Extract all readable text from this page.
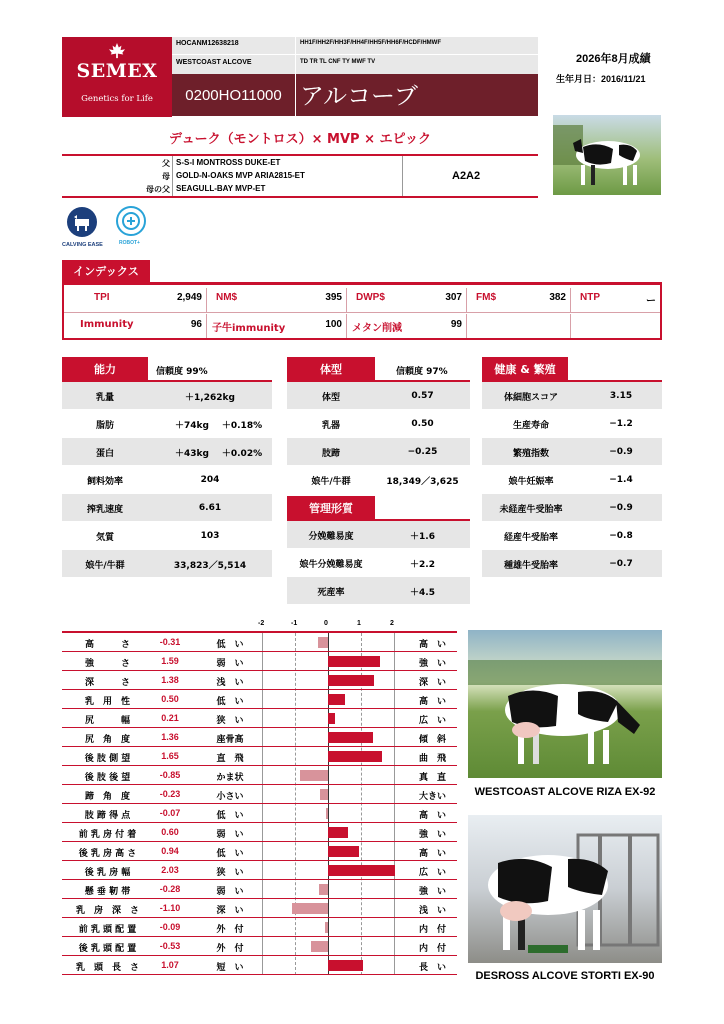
SEMEX
Genetics for Life
HOCANM12638218
WESTCOAST ALCOVE
HH1F/HH2F/HH3F/HH4F/HH5F/HH6F/HCDF/HMWF
TD TR TL CNF TY MWF TV
0200HO11000 アルコーブ
2026年8月成績
生年月日：2016/11/21
デューク（モントロス）× MVP × エピック
父 S-S-I MONTROSS DUKE-ET
母 GOLD-N-OAKS MVP ARIA2815-ET
母の父 SEAGULL-BAY MVP-ET
A2A2
CALVING EASE	ROBOT+
インデックス
TPI	2,949 NM$	395 DWP$	307 FM$	382 NTP	ー
Immunity	96 子牛immunity	100 メタン削減	99
能力	信頼度 99%
乳量	＋1,262kg
脂肪	＋74kg	＋0.18%
蛋白	＋43kg	＋0.02%
飼料効率	204
搾乳速度	6.61
気質	103
娘牛/牛群	33,823／5,514
体型	信頼度 97%
体型	0.57
乳器	0.50
肢蹄	−0.25
娘牛/牛群	18,349／3,625
管理形質
分娩難易度	＋1.6
娘牛分娩難易度	＋2.2
死産率	＋4.5
健康 & 繁殖
体細胞スコア	3.15
生産寿命	−1.2
繁殖指数	−0.9
娘牛妊娠率	−1.4
未経産牛受胎率	−0.9
経産牛受胎率	−0.8
種雄牛受胎率	−0.7
-2	-1	0	1	2
高　　　さ	-0.31	低　い	高　い
強　　　さ	1.59	弱　い	強　い
深　　　さ	1.38	浅　い	深　い
乳　用　性	0.50	低　い	高　い
尻　　　幅	0.21	狭　い	広　い
尻　角　度	1.36	座骨高	傾　斜
後 肢 側 望	1.65	直　飛	曲　飛
後 肢 後 望	-0.85	かま状	真　直
蹄　角　度	-0.23	小さい	大きい
肢 蹄 得 点	-0.07	低　い	高　い
前 乳 房 付 着	0.60	弱　い	強　い
後 乳 房 高 さ	0.94	低　い	高　い
後 乳 房 幅	2.03	狭　い	広　い
懸 垂 靭 帯	-0.28	弱　い	強　い
乳　房　深　さ	-1.10	深　い	浅　い
前 乳 頭 配 置	-0.09	外　付	内　付
後 乳 頭 配 置	-0.53	外　付	内　付
乳　頭　長　さ	1.07	短　い	長　い
WESTCOAST ALCOVE RIZA EX-92
DESROSS ALCOVE STORTI EX-90
